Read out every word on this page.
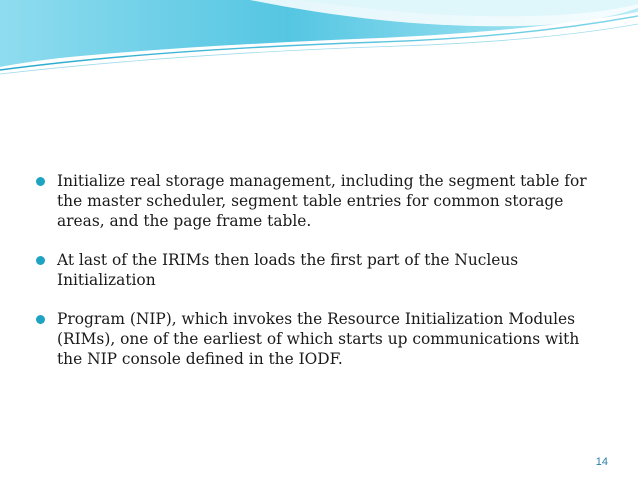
Initialize real storage management, including the segment table for the master scheduler, segment table entries for common storage areas, and the page frame table.
At last of the IRIMs then loads the first part of the Nucleus Initialization
Program (NIP), which invokes the Resource Initialization Modules (RIMs), one of the earliest of which starts up communications with the NIP console defined in the IODF.
14
